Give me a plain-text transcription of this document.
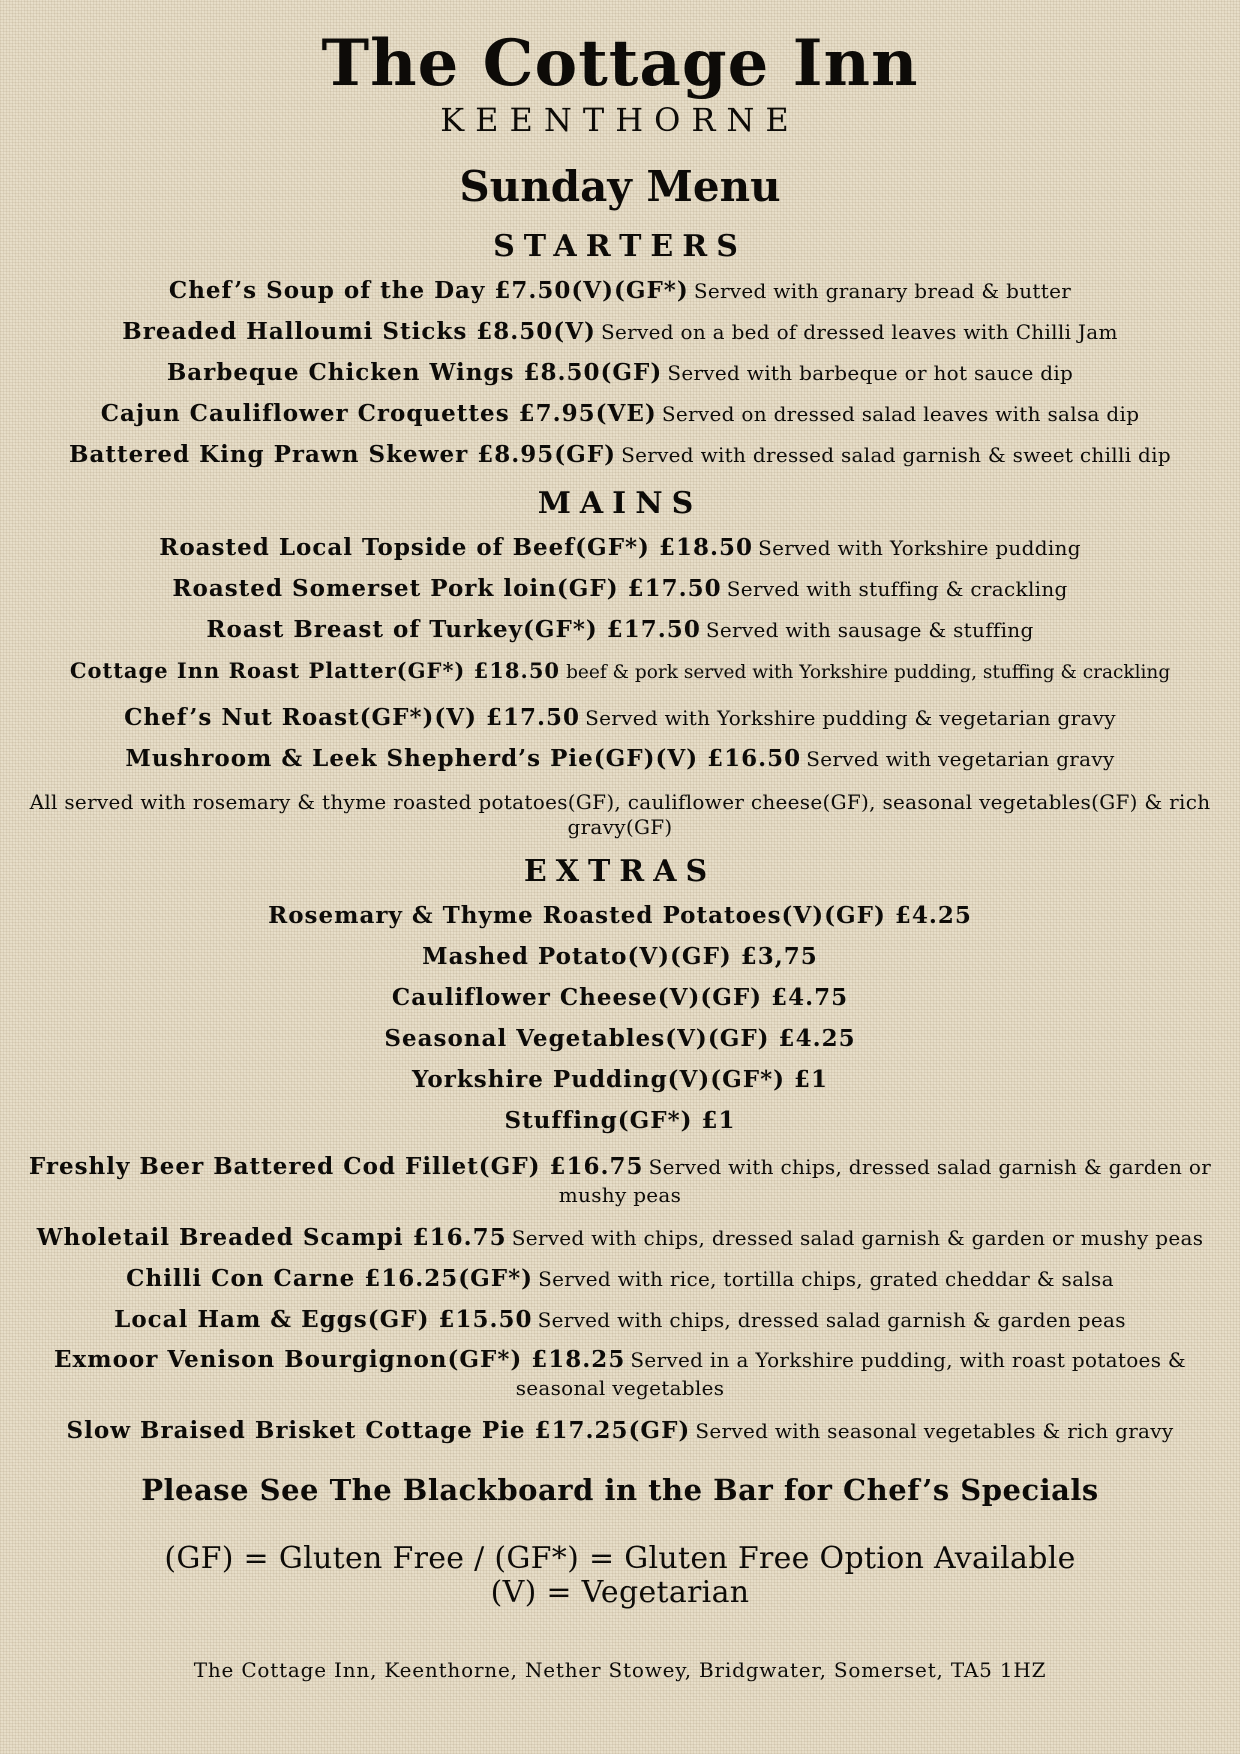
The Cottage Inn
KEENTHORNE
Sunday Menu
STARTERS
Chef’s Soup of the Day £7.50(V)(GF*) Served with granary bread & butter
Breaded Halloumi Sticks £8.50(V) Served on a bed of dressed leaves with Chilli Jam
Barbeque Chicken Wings £8.50(GF) Served with barbeque or hot sauce dip
Cajun Cauliflower Croquettes £7.95(VE) Served on dressed salad leaves with salsa dip
Battered King Prawn Skewer £8.95(GF) Served with dressed salad garnish & sweet chilli dip
MAINS
Roasted Local Topside of Beef(GF*) £18.50 Served with Yorkshire pudding
Roasted Somerset Pork loin(GF) £17.50 Served with stuffing & crackling
Roast Breast of Turkey(GF*) £17.50 Served with sausage & stuffing
Cottage Inn Roast Platter(GF*) £18.50 beef & pork served with Yorkshire pudding, stuffing & crackling
Chef’s Nut Roast(GF*)(V) £17.50 Served with Yorkshire pudding & vegetarian gravy
Mushroom & Leek Shepherd’s Pie(GF)(V) £16.50 Served with vegetarian gravy
All served with rosemary & thyme roasted potatoes(GF), cauliflower cheese(GF), seasonal vegetables(GF) & rich gravy(GF)
EXTRAS
Rosemary & Thyme Roasted Potatoes(V)(GF) £4.25
Mashed Potato(V)(GF) £3,75
Cauliflower Cheese(V)(GF) £4.75
Seasonal Vegetables(V)(GF) £4.25
Yorkshire Pudding(V)(GF*) £1
Stuffing(GF*) £1
Freshly Beer Battered Cod Fillet(GF) £16.75 Served with chips, dressed salad garnish & garden or mushy peas
Wholetail Breaded Scampi £16.75 Served with chips, dressed salad garnish & garden or mushy peas
Chilli Con Carne £16.25(GF*) Served with rice, tortilla chips, grated cheddar & salsa
Local Ham & Eggs(GF) £15.50 Served with chips, dressed salad garnish & garden peas
Exmoor Venison Bourgignon(GF*) £18.25 Served in a Yorkshire pudding, with roast potatoes & seasonal vegetables
Slow Braised Brisket Cottage Pie £17.25(GF) Served with seasonal vegetables & rich gravy
Please See The Blackboard in the Bar for Chef’s Specials
(GF) = Gluten Free / (GF*) = Gluten Free Option Available
(V) = Vegetarian
The Cottage Inn, Keenthorne, Nether Stowey, Bridgwater, Somerset, TA5 1HZ
